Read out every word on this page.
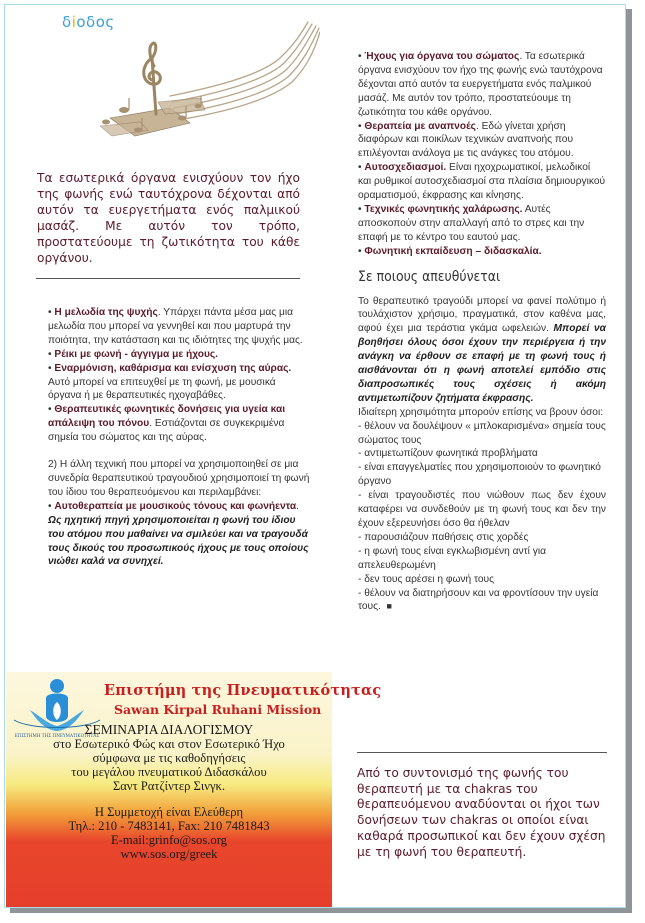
δiοδος
Τα εσωτερικά όργανα ενισχύουν τον ήχο της φωνής ενώ ταυτόχρονα δέχονται από αυτόν τα ευεργετήματα ενός παλμικού μασάζ. Με αυτόν τον τρόπο, προστατεύουμε τη ζωτικότητα του κάθε οργάνου.

• Η μελωδία της ψυχής. Υπάρχει πάντα μέσα μας μια μελωδία που μπορεί να γεννηθεί και που μαρτυρά την ποιότητα, την κατάσταση και τις ιδιότητες της ψυχής μας.

• Ρέικι με φωνή - άγγιγμα με ήχους.

• Εναρμόνιση, καθάρισμα και ενίσχυση της αύρας. Αυτό μπορεί να επιτευχθεί με τη φωνή, με μουσικά όργανα ή με θεραπευτικές ηχογαβάθες.

• Θεραπευτικές φωνητικές δονήσεις για υγεία και απάλειψη του πόνου. Εστιάζονται σε συγκεκριμένα σημεία του σώματος και της αύρας.

2) Η άλλη τεχνική που μπορεί να χρησιμοποιηθεί σε μια συνεδρία θεραπευτικού τραγουδιού χρησιμοποιεί τη φωνή του ίδιου του θεραπευόμενου και περιλαμβάνει:

• Αυτοθεραπεία με μουσικούς τόνους και φωνήεντα. Ως ηχητική πηγή χρησιμοποιείται η φωνή του ίδιου του ατόμου που μαθαίνει να σμιλεύει και να τραγουδά τους δικούς του προσωπικούς ήχους με τους οποίους νιώθει καλά να συνηχεί.

ΕΠΙΣΤΗΜΗ ΤΗΣ ΠΝΕΥΜΑΤΙΚΟΤΗΤΑΣ
Επιστήμη της Πνευματικότητας
Sawan Kirpal Ruhani Mission
ΣΕΜΙΝΑΡΙΑ ΔΙΑΛΟΓΙΣΜΟΥ
στο Εσωτερικό Φώς και στον Εσωτερικό Ήχο
σύμφωνα με τις καθοδηγήσεις
του μεγάλου πνευματικού Διδασκάλου
Σαντ Ρατζίντερ Σινγκ.
Η Συμμετοχή είναι Ελεύθερη
Τηλ.: 210 - 7483141, Fax: 210 7481843
E-mail:grinfo@sos.org
www.sos.org/greek

• Ήχους για όργανα του σώματος. Τα εσωτερικά όργανα ενισχύουν τον ήχο της φωνής ενώ ταυτόχρονα δέχονται από αυτόν τα ευεργετήματα ενός παλμικού μασάζ. Με αυτόν τον τρόπο, προστατεύουμε τη ζωτικότητα του κάθε οργάνου.

• Θεραπεία με αναπνοές. Εδώ γίνεται χρήση διαφόρων και ποικίλων τεχνικών αναπνοής που επιλέγονται ανάλογα με τις ανάγκες του ατόμου.

• Αυτοσχεδιασμοί. Είναι ηχοχρωματικοί, μελωδικοί και ρυθμικοί αυτοσχεδιασμοί στα πλαίσια δημιουργικού οραματισμού, έκφρασης και κίνησης.

• Τεχνικές φωνητικής χαλάρωσης. Αυτές αποσκοπούν στην απαλλαγή από το στρες και την επαφή με το κέντρο του εαυτού μας.

• Φωνητική εκπαίδευση – διδασκαλία.

Σε ποιους απευθύνεται

Το θεραπευτικό τραγούδι μπορεί να φανεί πολύτιμο ή τουλάχιστον χρήσιμο, πραγματικά, στον καθένα μας, αφού έχει μια τεράστια γκάμα ωφελειών. Μπορεί να βοηθήσει όλους όσοι έχουν την περιέργεια ή την ανάγκη να έρθουν σε επαφή με τη φωνή τους ή αισθάνονται ότι η φωνή αποτελεί εμπόδιο στις διαπροσωπικές τους σχέσεις ή ακόμη αντιμετωπίζουν ζητήματα έκφρασης.

Ιδιαίτερη χρησιμότητα μπορούν επίσης να βρουν όσοι:

- θέλουν να δουλέψουν « μπλοκαρισμένα» σημεία τους σώματος τους

- αντιμετωπίζουν φωνητικά προβλήματα

- είναι επαγγελματίες που χρησιμοποιούν το φωνητικό όργανο

- είναι τραγουδιστές που νιώθουν πως δεν έχουν καταφέρει να συνδεθούν με τη φωνή τους και δεν την έχουν εξερευνήσει όσο θα ήθελαν

- παρουσιάζουν παθήσεις στις χορδές

- η φωνή τους είναι εγκλωβισμένη αντί για απελευθερωμένη

- δεν τους αρέσει η φωνή τους

- θέλουν να διατηρήσουν και να φροντίσουν την υγεία τους. ■

Από το συντονισμό της φωνής του θεραπευτή με τα chakras του θεραπευόμενου αναδύονται οι ήχοι των δονήσεων των chakras οι οποίοι είναι καθαρά προσωπικοί και δεν έχουν σχέση με τη φωνή του θεραπευτή.
